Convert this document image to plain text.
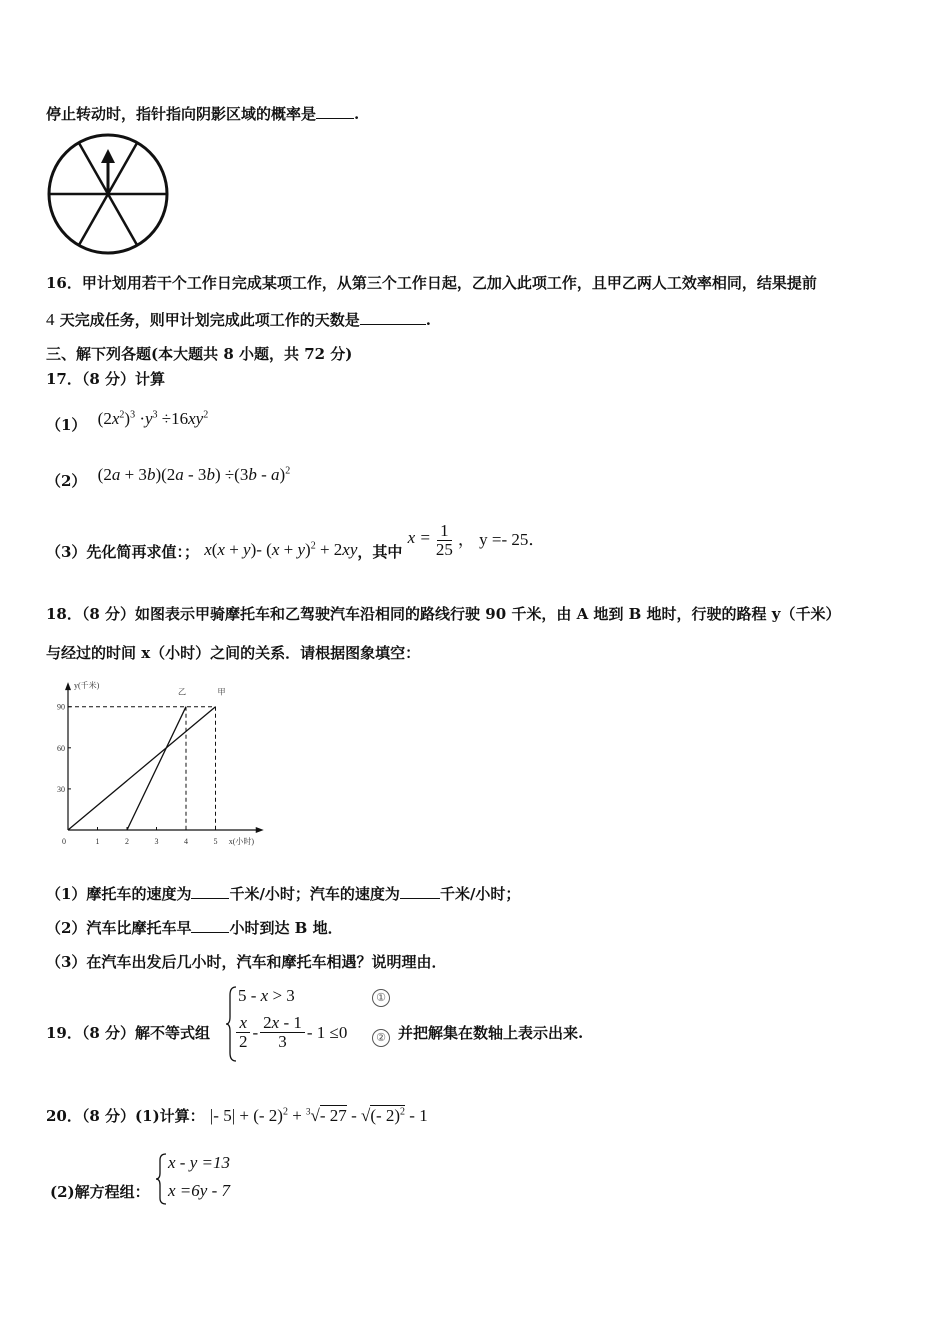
停止转动时，指针指向阴影区域的概率是	.
16．甲计划用若干个工作日完成某项工作，从第三个工作日起，乙加入此项工作，且甲乙两人工效率相同，结果提前
4 天完成任务，则甲计划完成此项工作的天数是	.
三、解下列各题(本大题共 8 小题，共 72 分)
17．（8 分）计算
（1） $(2x^2)^3 \cdot y^3 \div 16xy^2$
（2） (2a + 3b)(2a - 3b) ÷(3b - a)$^2$
（3）先化简再求值：； x(x + y)- $(x + y)^2 + 2xy$，其中 $x = \frac{1}{25}$ ， y =- 25．
18．（8 分）如图表示甲骑摩托车和乙驾驶汽车沿相同的路线行驶 90 千米，由 A 地到 B 地时，行驶的路程 y（千米）
与经过的时间 x（小时）之间的关系．请根据图象填空：
0	1	2	3	4	5
30
60
90
x(小时)
y(千米)
甲
乙
（1）摩托车的速度为	千米/小时；汽车的速度为	千米/小时；
（2）汽车比摩托车早	小时到达 B 地．
（3）在汽车出发后几小时，汽车和摩托车相遇？说明理由．
19．（8 分）解不等式组
5 - x > 3	①
$\frac{x}{2} - \frac{2x - 1}{3} - 1 \le 0$	② 并把解集在数轴上表示出来.
20．（8 分）(1)计算： |- 5| + (- 2)$^2$ + $^3$√- 27 - √(- 2)$^2$ - 1
(2)解方程组：
x - y =13
x =6y - 7
